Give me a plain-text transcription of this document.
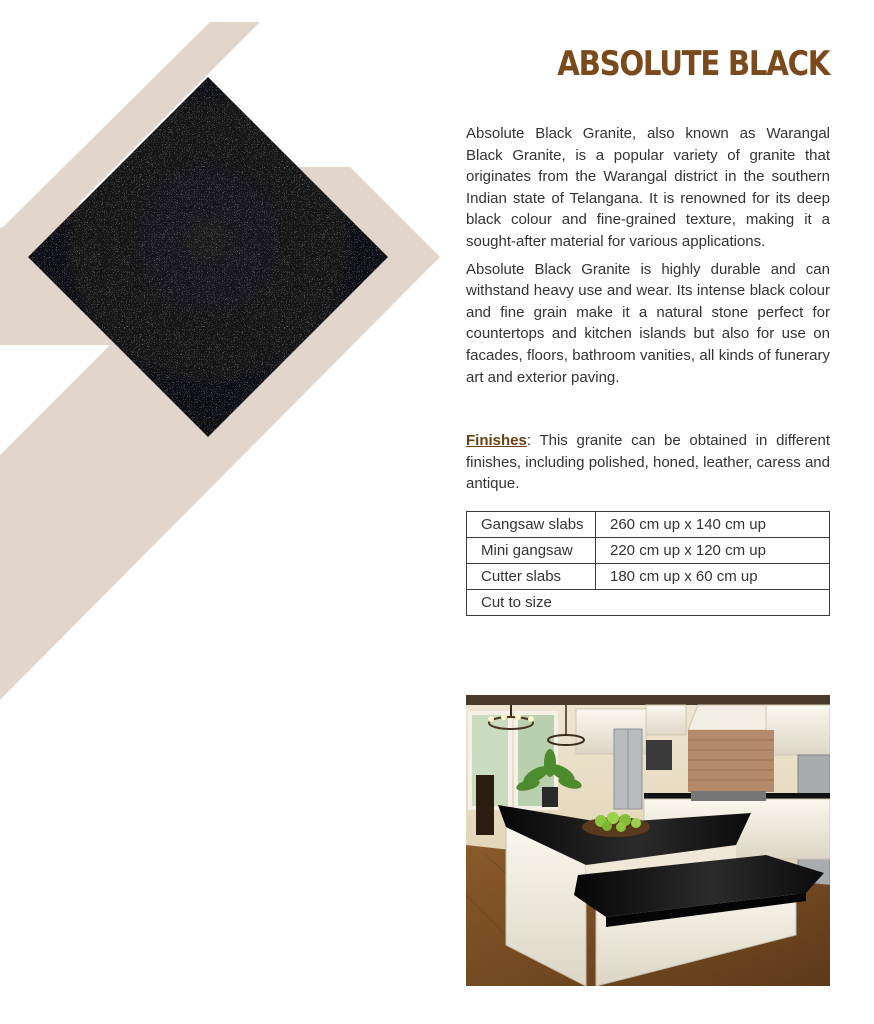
ABSOLUTE BLACK

Absolute Black Granite, also known as Warangal Black Granite, is a popular variety of granite that originates from the Warangal district in the southern Indian state of Telangana. It is renowned for its deep black colour and fine-grained texture, making it a sought-after material for various applications.

Absolute Black Granite is highly durable and can withstand heavy use and wear. Its intense black colour and fine grain make it a natural stone perfect for countertops and kitchen islands but also for use on facades, floors, bathroom vanities, all kinds of funerary art and exterior paving.

Finishes: This granite can be obtained in different finishes, including polished, honed, leather, caress and antique.

Gangsaw slabs	260 cm up x 140 cm up
Mini gangsaw	220 cm up x 120 cm up
Cutter slabs	180 cm up x 60 cm up
Cut to size	
